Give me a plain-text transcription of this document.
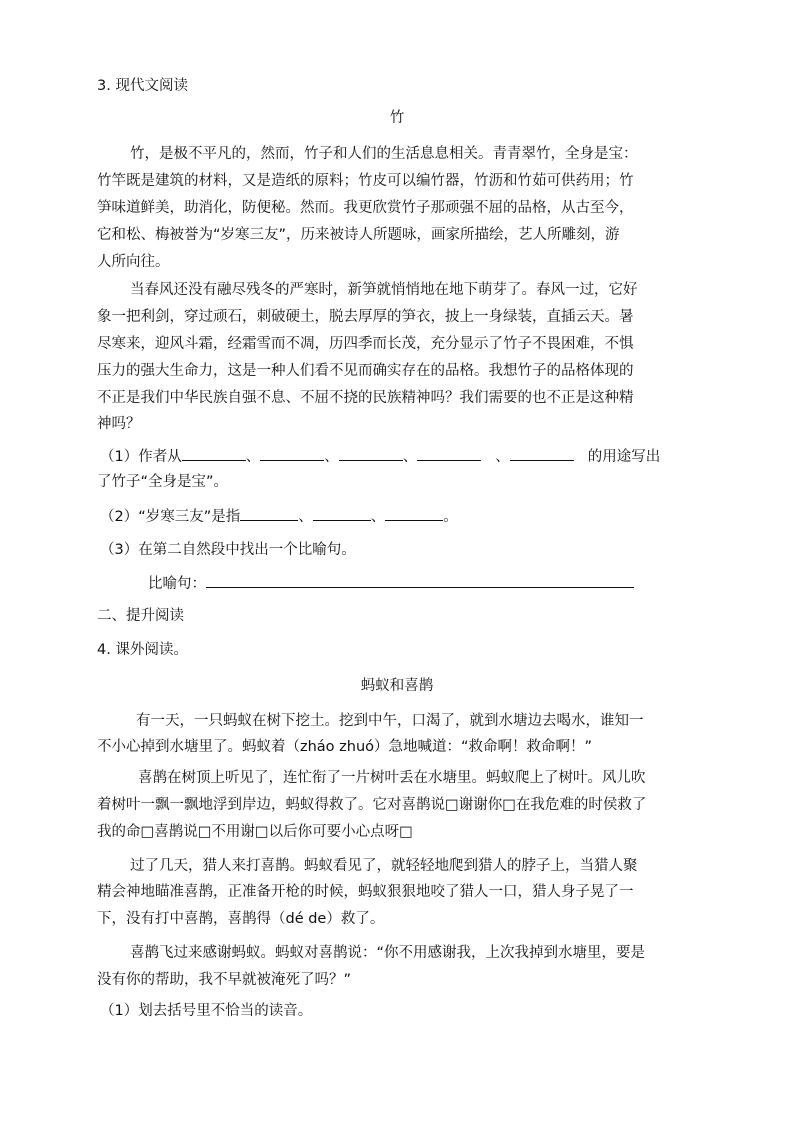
3. 现代文阅读
竹
竹，是极不平凡的，然而，竹子和人们的生活息息相关。青青翠竹，全身是宝：
竹竿既是建筑的材料，又是造纸的原料；竹皮可以编竹器，竹沥和竹茹可供药用；竹
笋味道鲜美，助消化，防便秘。然而。我更欣赏竹子那顽强不屈的品格，从古至今，
它和松、梅被誉为“岁寒三友”，历来被诗人所题咏，画家所描绘，艺人所雕刻，游
人所向往。
当春风还没有融尽残冬的严寒时，新笋就悄悄地在地下萌芽了。春风一过，它好
象一把利剑，穿过顽石，刺破硬土，脱去厚厚的笋衣，披上一身绿装，直插云天。暑
尽寒来，迎风斗霜，经霜雪而不凋，历四季而长茂，充分显示了竹子不畏困难，不惧
压力的强大生命力，这是一种人们看不见而确实存在的品格。我想竹子的品格体现的
不正是我们中华民族自强不息、不屈不挠的民族精神吗？我们需要的也不正是这种精
神吗？
（1）作者从	、	、	、	、	的用途写出
了竹子“全身是宝”。
（2）“岁寒三友”是指	、	、	。
（3）在第二自然段中找出一个比喻句。
比喻句：
二、提升阅读
4. 课外阅读。
蚂蚁和喜鹊
有一天，一只蚂蚁在树下挖土。挖到中午，口渴了，就到水塘边去喝水，谁知一
不小心掉到水塘里了。蚂蚁着（zháo zhuó）急地喊道：“救命啊！救命啊！”
喜鹊在树顶上听见了，连忙衔了一片树叶丢在水塘里。蚂蚁爬上了树叶。风儿吹
着树叶一飘一飘地浮到岸边，蚂蚁得救了。它对喜鹊说□谢谢你□在我危难的时侯救了
我的命□喜鹊说□不用谢□以后你可要小心点呀□
过了几天，猎人来打喜鹊。蚂蚁看见了，就轻轻地爬到猎人的脖子上，当猎人聚
精会神地瞄准喜鹊，正准备开枪的时候，蚂蚁狠狠地咬了猎人一口，猎人身子晃了一
下，没有打中喜鹊，喜鹊得（dé de）救了。
喜鹊飞过来感谢蚂蚁。蚂蚁对喜鹊说：“你不用感谢我，上次我掉到水塘里，要是
没有你的帮助，我不早就被淹死了吗？”
（1）划去括号里不恰当的读音。
